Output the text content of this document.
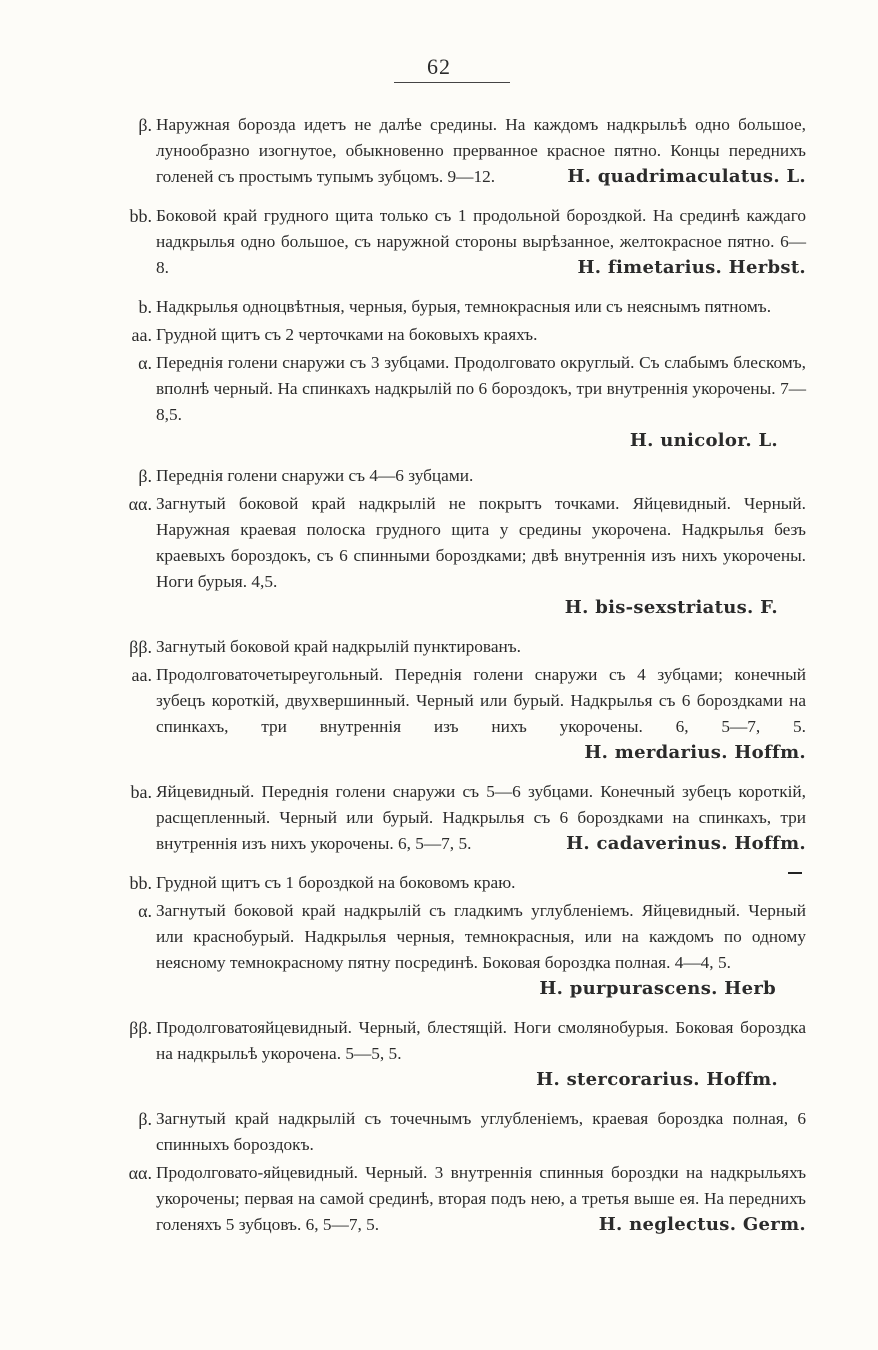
62
β. Наружная борозда идетъ не далѣе средины. На каждомъ надкрыльѣ одно большое, лунообразно изогнутое, обыкновенно прерванное красное пятно. Концы переднихъ голеней съ простымъ тупымъ зубцомъ. 9—12.	H. quadrimaculatus. L.
bb. Боковой край грудного щита только съ 1 продольной бороздкой. На срединѣ каждаго надкрылья одно большое, съ наружной стороны вырѣзанное, желтокрасное пятно. 6—8.	H. fimetarius. Herbst.
b. Надкрылья одноцвѣтныя, черныя, бурыя, темнокрасныя или съ неяснымъ пятномъ.
aa. Грудной щитъ съ 2 черточками на боковыхъ краяхъ.
α. Переднія голени снаружи съ 3 зубцами. Продолговато округлый. Съ слабымъ блескомъ, вполнѣ черный. На спинкахъ надкрылій по 6 бороздокъ, три внутреннія укорочены. 7—8,5.
H. unicolor. L.
β. Переднія голени снаружи съ 4—6 зубцами.
αα. Загнутый боковой край надкрылій не покрытъ точками. Яйцевидный. Черный. Наружная краевая полоска грудного щита у средины укорочена. Надкрылья безъ краевыхъ бороздокъ, съ 6 спинными бороздками; двѣ внутреннія изъ нихъ укорочены. Ноги бурыя. 4,5.
H. bis-sexstriatus. F.
ββ. Загнутый боковой край надкрылій пунктированъ.
aa. Продолговаточетыреугольный. Переднія голени снаружи съ 4 зубцами; конечный зубецъ короткій, двухвершинный. Черный или бурый. Надкрылья съ 6 бороздками на спинкахъ, три внутреннія изъ нихъ укорочены. 6, 5—7, 5.
H. merdarius. Hoffm.
ba. Яйцевидный. Переднія голени снаружи съ 5—6 зубцами. Конечный зубецъ короткій, расщепленный. Черный или бурый. Надкрылья съ 6 бороздками на спинкахъ, три внутреннія изъ нихъ укорочены. 6, 5—7, 5.	H. cadaverinus. Hoffm.
bb. Грудной щитъ съ 1 бороздкой на боковомъ краю.
α. Загнутый боковой край надкрылій съ гладкимъ углубленіемъ. Яйцевидный. Черный или краснобурый. Надкрылья черныя, темнокрасныя, или на каждомъ по одному неясному темнокрасному пятну посрединѣ. Боковая бороздка полная. 4—4, 5.
H. purpurascens. Herb
ββ. Продолговатояйцевидный. Черный, блестящій. Ноги смолянобурыя. Боковая бороздка на надкрыльѣ укорочена. 5—5, 5.
H. stercorarius. Hoffm.
β. Загнутый край надкрылій съ точечнымъ углубленіемъ, краевая бороздка полная, 6 спинныхъ бороздокъ.
αα. Продолговато-яйцевидный. Черный. 3 внутреннія спинныя бороздки на надкрыльяхъ укорочены; первая на самой срединѣ, вторая подъ нею, а третья выше ея. На переднихъ голеняхъ 5 зубцовъ. 6, 5—7, 5.	H. neglectus. Germ.
